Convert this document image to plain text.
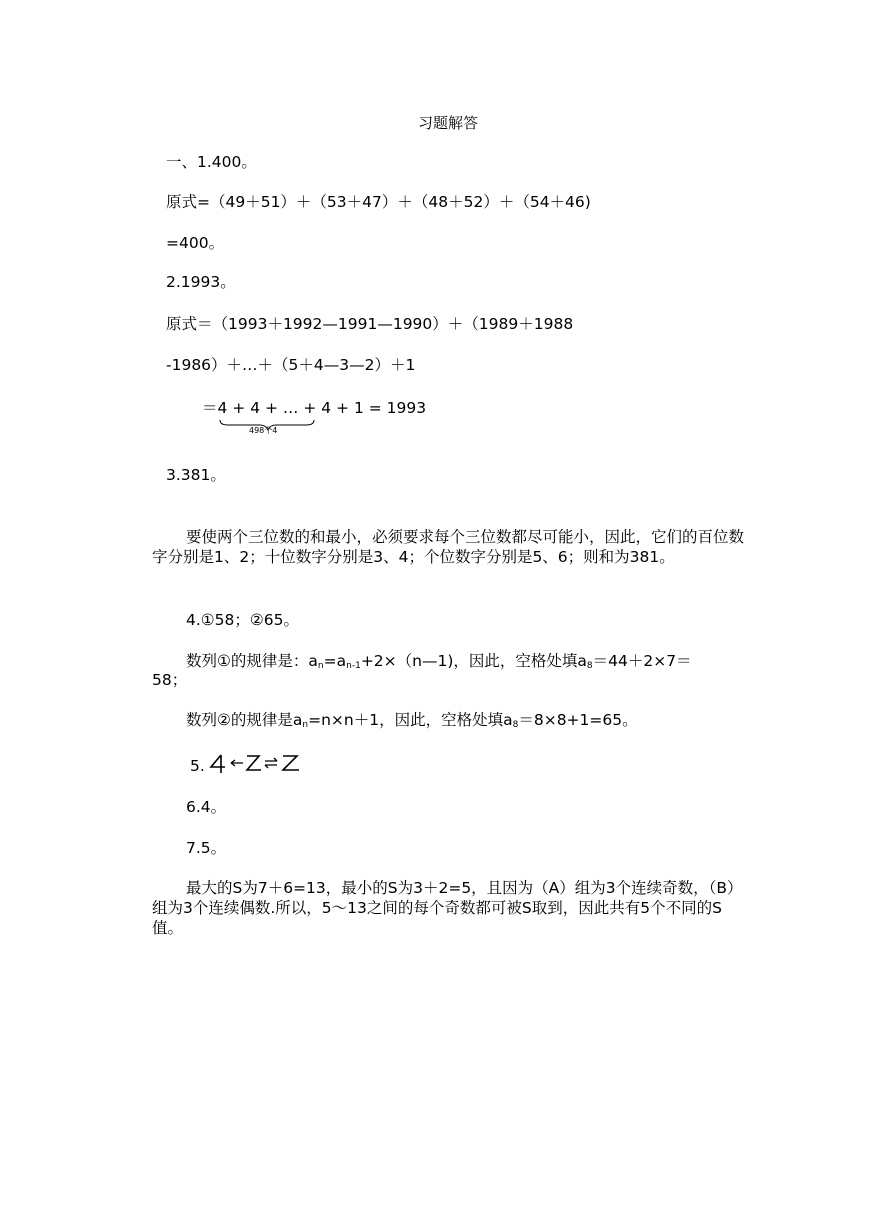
习题解答
一、1.400。
原式=（49＋51）＋（53＋47）＋（48＋52）＋（54＋46)
=400。
2.1993。
原式＝（1993＋1992—1991—1990）＋（1989＋1988
-1986）＋…＋（5＋4—3—2）＋1
＝4 + 4 + … + 4 + 1 = 1993
498个4
3.381。
要使两个三位数的和最小，必须要求每个三位数都尽可能小，因此，它们的百位数字分别是1、2；十位数字分别是3、4；个位数字分别是5、6；则和为381。
4.①58；②65。
数列①的规律是：$a_n=a_{n-1}+2\times(n—1)$，因此，空格处填$a_8=44+2\times 7=$
58；
数列②的规律是$a_n=n\times n+1$，因此，空格处填$a_8=8\times 8+1=65$。
5.
6.4。
7.5。
最大的S为7＋6=13，最小的S为3＋2=5，且因为（A）组为3个连续奇数，（B）组为3个连续偶数.所以，5～13之间的每个奇数都可被S取到，因此共有5个不同的S值。
